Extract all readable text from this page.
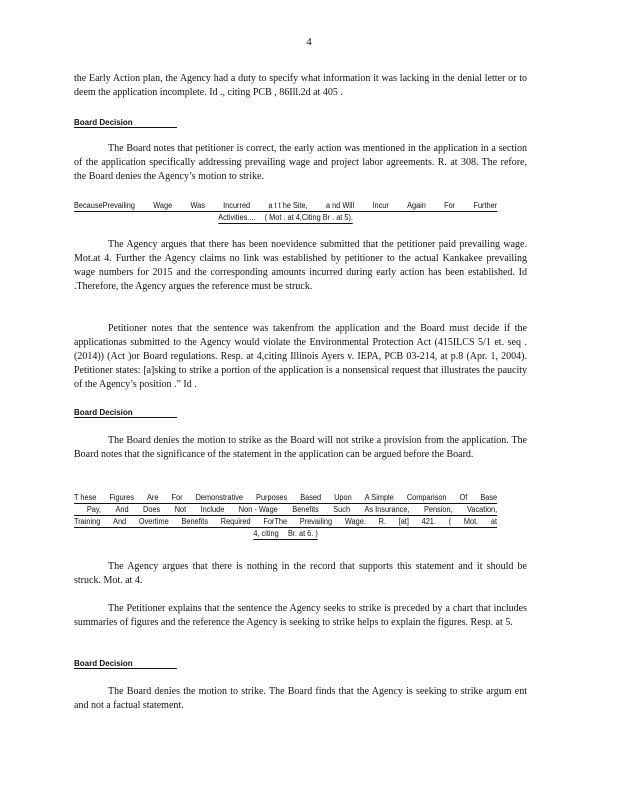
4
the Early Action plan, the Agency had a duty to specify what information it was lacking in the denial letter or to deem the application incomplete. Id ., citing PCB , 86Ill.2d at 405 .
Board Decision
The Board notes that petitioner is correct, the early action was mentioned in the application in a section of the application specifically addressing prevailing wage and project labor agreements. R. at 308. The refore, the Board denies the Agency’s motion to strike.
BecausePrevailing Wage Was Incurred a t t he Site, a nd Will Incur Again For Further
Activities.... ( Mot . at 4,Citing Br . at 5).
The Agency argues that there has been noevidence submitted that the petitioner paid prevailing wage. Mot.at 4. Further the Agency claims no link was established by petitioner to the actual Kankakee prevailing wage numbers for 2015 and the corresponding amounts incurred during early action has been established. Id .Therefore, the Agency argues the reference must be struck.
Petitioner notes that the sentence was takenfrom the application and the Board must decide if the applicationas submitted to the Agency would violate the Environmental Protection Act (415ILCS 5/1 et. seq . (2014)) (Act )or Board regulations. Resp. at 4,citing Illinois Ayers v. IEPA, PCB 03-214, at p.8 (Apr. 1, 2004). Petitioner states: [a]sking to strike a portion of the application is a nonsensical request that illustrates the paucity of the Agency’s position .” Id .
Board Decision
The Board denies the motion to strike as the Board will not strike a provision from the application. The Board notes that the significance of the statement in the application can be argued before the Board.
T hese Figures Are For Demonstrative Purposes Based Upon A Simple Comparison Of Base
Pay, And Does Not Include Non - Wage Benefits Such As Insurance, Pension, Vacation,
Training And Overtime Benefits Required ForThe Prevailing Wage. R. [at] 421. ( Mot. at
4, citing Br. at 6. )
The Agency argues that there is nothing in the record that supports this statement and it should be struck. Mot. at 4.
The Petitioner explains that the sentence the Agency seeks to strike is preceded by a chart that includes summaries of figures and the reference the Agency is seeking to strike helps to explain the figures. Resp. at 5.
Board Decision
The Board denies the motion to strike. The Board finds that the Agency is seeking to strike argum ent and not a factual statement.
